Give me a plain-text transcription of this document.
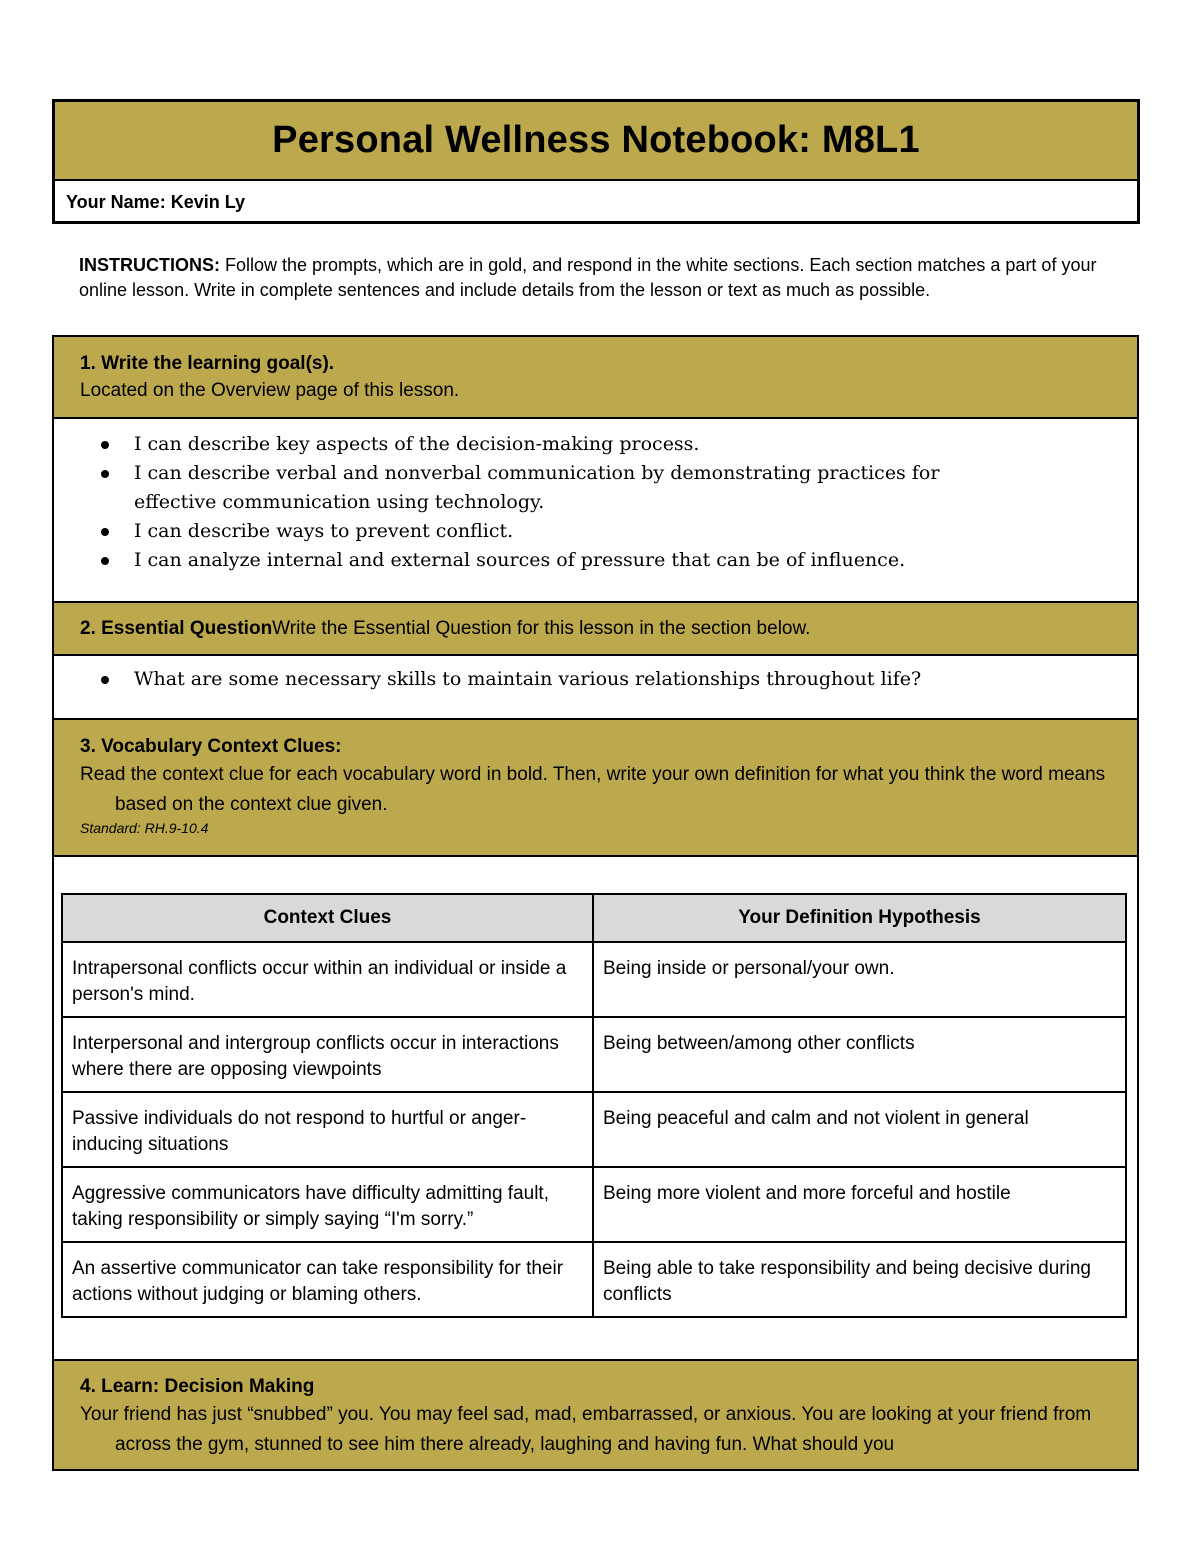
Personal Wellness Notebook: M8L1
Your Name:
Kevin Ly
INSTRUCTIONS: Follow the prompts, which are in gold, and respond in the white sections. Each section matches a part of your online lesson. Write in complete sentences and include details from the lesson or text as much as possible.
1. Write the learning goal(s).
Located on the Overview page of this lesson.
I can describe key aspects of the decision-making process.
I can describe verbal and nonverbal communication by demonstrating practices for effective communication using technology.
I can describe ways to prevent conflict.
I can analyze internal and external sources of pressure that can be of influence.
2. Essential Question Write the Essential Question for this lesson in the section below.
What are some necessary skills to maintain various relationships throughout life?
3. Vocabulary Context Clues:
Read the context clue for each vocabulary word in bold. Then, write your own definition for what you think the word means based on the context clue given.
Standard: RH.9-10.4
Context Clues	Your Definition Hypothesis
Intrapersonal conflicts occur within an individual or inside a person's mind.	Being inside or personal/your own.
Interpersonal and intergroup conflicts occur in interactions where there are opposing viewpoints	Being between/among other conflicts
Passive individuals do not respond to hurtful or anger-inducing situations	Being peaceful and calm and not violent in general
Aggressive communicators have difficulty admitting fault, taking responsibility or simply saying “I'm sorry.”	Being more violent and more forceful and hostile
An assertive communicator can take responsibility for their actions without judging or blaming others.	Being able to take responsibility and being decisive during conflicts
4. Learn: Decision Making
Your friend has just “snubbed” you. You may feel sad, mad, embarrassed, or anxious. You are looking at your friend from across the gym, stunned to see him there already, laughing and having fun. What should you
